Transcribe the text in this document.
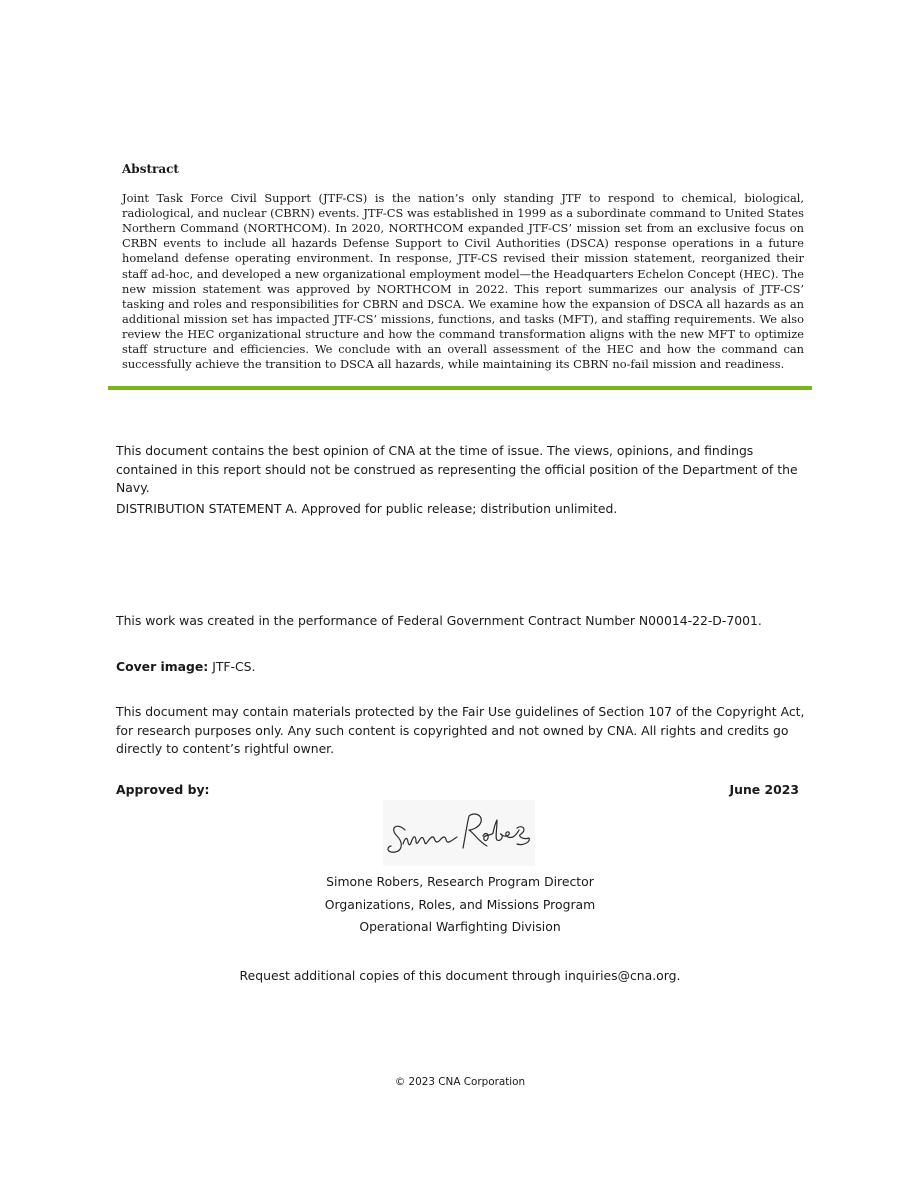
Abstract

Joint Task Force Civil Support (JTF-CS) is the nation’s only standing JTF to respond to chemical, biological, radiological, and nuclear (CBRN) events. JTF-CS was established in 1999 as a subordinate command to United States Northern Command (NORTHCOM). In 2020, NORTHCOM expanded JTF-CS’ mission set from an exclusive focus on CRBN events to include all hazards Defense Support to Civil Authorities (DSCA) response operations in a future homeland defense operating environment. In response, JTF-CS revised their mission statement, reorganized their staff ad-hoc, and developed a new organizational employment model—the Headquarters Echelon Concept (HEC). The new mission statement was approved by NORTHCOM in 2022. This report summarizes our analysis of JTF-CS’ tasking and roles and responsibilities for CBRN and DSCA. We examine how the expansion of DSCA all hazards as an additional mission set has impacted JTF-CS’ missions, functions, and tasks (MFT), and staffing requirements. We also review the HEC organizational structure and how the command transformation aligns with the new MFT to optimize staff structure and efficiencies. We conclude with an overall assessment of the HEC and how the command can successfully achieve the transition to DSCA all hazards, while maintaining its CBRN no-fail mission and readiness.

This document contains the best opinion of CNA at the time of issue. The views, opinions, and findings contained in this report should not be construed as representing the official position of the Department of the Navy.

DISTRIBUTION STATEMENT A. Approved for public release; distribution unlimited.

This work was created in the performance of Federal Government Contract Number N00014-22-D-7001.

Cover image: JTF-CS.

This document may contain materials protected by the Fair Use guidelines of Section 107 of the Copyright Act, for research purposes only. Any such content is copyrighted and not owned by CNA. All rights and credits go directly to content’s rightful owner.

Approved by:	June 2023

Simone Robers, Research Program Director

Organizations, Roles, and Missions Program

Operational Warfighting Division

Request additional copies of this document through inquiries@cna.org.

© 2023 CNA Corporation
